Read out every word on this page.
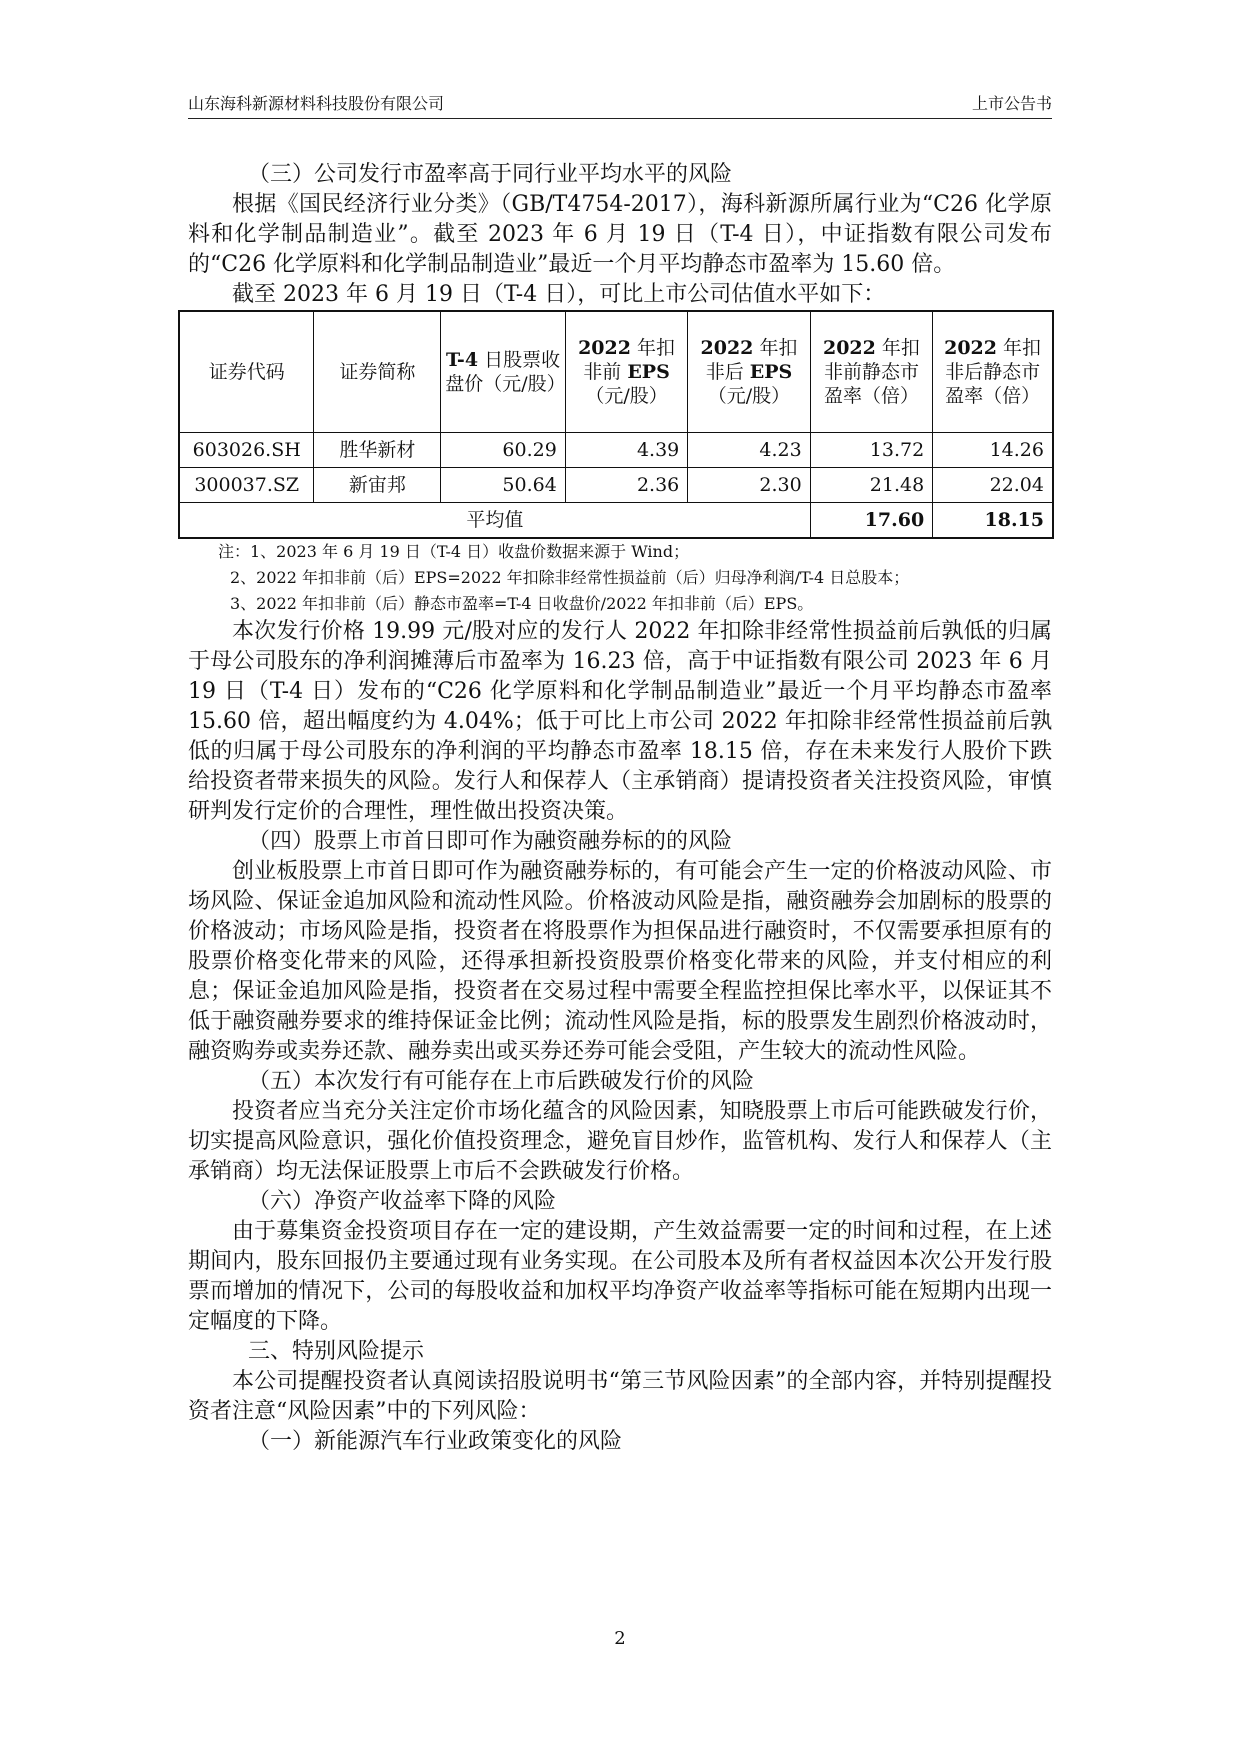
山东海科新源材料科技股份有限公司	上市公告书

（三）公司发行市盈率高于同行业平均水平的风险

根据《国民经济行业分类》（GB/T4754-2017），海科新源所属行业为“C26 化学原料和化学制品制造业”。截至 2023 年 6 月 19 日（T-4 日），中证指数有限公司发布的“C26 化学原料和化学制品制造业”最近一个月平均静态市盈率为 15.60 倍。

截至 2023 年 6 月 19 日（T-4 日），可比上市公司估值水平如下：

证券代码	证券简称	T-4 日股票收盘价（元/股）	2022 年扣非前 EPS（元/股）	2022 年扣非后 EPS（元/股）	2022 年扣非前静态市盈率（倍）	2022 年扣非后静态市盈率（倍）
603026.SH	胜华新材	60.29	4.39	4.23	13.72	14.26
300037.SZ	新宙邦	50.64	2.36	2.30	21.48	22.04
平均值					17.60	18.15

注：1、2023 年 6 月 19 日（T-4 日）收盘价数据来源于 Wind；

2、2022 年扣非前（后）EPS=2022 年扣除非经常性损益前（后）归母净利润/T-4 日总股本；

3、2022 年扣非前（后）静态市盈率=T-4 日收盘价/2022 年扣非前（后）EPS。

本次发行价格 19.99 元/股对应的发行人 2022 年扣除非经常性损益前后孰低的归属于母公司股东的净利润摊薄后市盈率为 16.23 倍，高于中证指数有限公司 2023 年 6 月 19 日（T-4 日）发布的“C26 化学原料和化学制品制造业”最近一个月平均静态市盈率 15.60 倍，超出幅度约为 4.04%；低于可比上市公司 2022 年扣除非经常性损益前后孰低的归属于母公司股东的净利润的平均静态市盈率 18.15 倍，存在未来发行人股价下跌给投资者带来损失的风险。发行人和保荐人（主承销商）提请投资者关注投资风险，审慎研判发行定价的合理性，理性做出投资决策。

（四）股票上市首日即可作为融资融券标的的风险

创业板股票上市首日即可作为融资融券标的，有可能会产生一定的价格波动风险、市场风险、保证金追加风险和流动性风险。价格波动风险是指，融资融券会加剧标的股票的价格波动；市场风险是指，投资者在将股票作为担保品进行融资时，不仅需要承担原有的股票价格变化带来的风险，还得承担新投资股票价格变化带来的风险，并支付相应的利息；保证金追加风险是指，投资者在交易过程中需要全程监控担保比率水平，以保证其不低于融资融券要求的维持保证金比例；流动性风险是指，标的股票发生剧烈价格波动时，融资购券或卖券还款、融券卖出或买券还券可能会受阻，产生较大的流动性风险。

（五）本次发行有可能存在上市后跌破发行价的风险

投资者应当充分关注定价市场化蕴含的风险因素，知晓股票上市后可能跌破发行价，切实提高风险意识，强化价值投资理念，避免盲目炒作，监管机构、发行人和保荐人（主承销商）均无法保证股票上市后不会跌破发行价格。

（六）净资产收益率下降的风险

由于募集资金投资项目存在一定的建设期，产生效益需要一定的时间和过程，在上述期间内，股东回报仍主要通过现有业务实现。在公司股本及所有者权益因本次公开发行股票而增加的情况下，公司的每股收益和加权平均净资产收益率等指标可能在短期内出现一定幅度的下降。

三、特别风险提示

本公司提醒投资者认真阅读招股说明书“第三节风险因素”的全部内容，并特别提醒投资者注意“风险因素”中的下列风险：

（一）新能源汽车行业政策变化的风险

2
